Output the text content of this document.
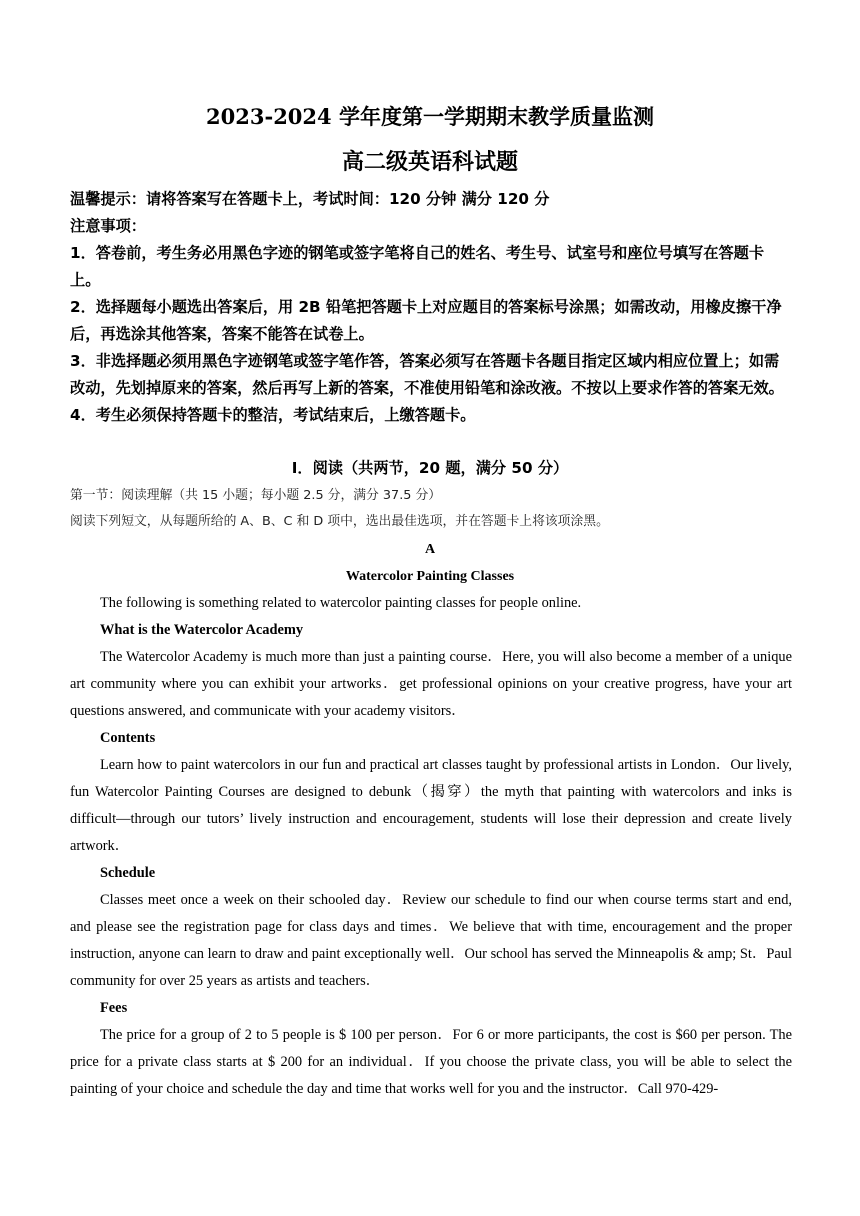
2023-2024 学年度第一学期期末教学质量监测
高二级英语科试题

温馨提示：请将答案写在答题卡上，考试时间：120 分钟 满分 120 分

注意事项：

1．答卷前，考生务必用黑色字迹的钢笔或签字笔将自己的姓名、考生号、试室号和座位号填写在答题卡上。

2．选择题每小题选出答案后，用 2B 铅笔把答题卡上对应题目的答案标号涂黑；如需改动，用橡皮擦干净后，再选涂其他答案，答案不能答在试卷上。

3．非选择题必须用黑色字迹钢笔或签字笔作答，答案必须写在答题卡各题目指定区域内相应位置上；如需改动，先划掉原来的答案，然后再写上新的答案，不准使用铅笔和涂改液。不按以上要求作答的答案无效。

4．考生必须保持答题卡的整洁，考试结束后，上缴答题卡。

Ⅰ．阅读（共两节，20 题，满分 50 分）
第一节：阅读理解（共 15 小题；每小题 2.5 分，满分 37.5 分）
阅读下列短文，从每题所给的 A、B、C 和 D 项中，选出最佳选项，并在答题卡上将该项涂黑。
A
Watercolor Painting Classes

The following is something related to watercolor painting classes for people online.

What is the Watercolor Academy

The Watercolor Academy is much more than just a painting course．Here, you will also become a member of a unique art community where you can exhibit your artworks．get professional opinions on your creative progress, have your art questions answered, and communicate with your academy visitors．

Contents

Learn how to paint watercolors in our fun and practical art classes taught by professional artists in London．Our lively, fun Watercolor Painting Courses are designed to debunk（揭穿）the myth that painting with watercolors and inks is difficult—through our tutors’ lively instruction and encouragement, students will lose their depression and create lively artwork．

Schedule

Classes meet once a week on their schooled day．Review our schedule to find our when course terms start and end, and please see the registration page for class days and times．We believe that with time, encouragement and the proper instruction, anyone can learn to draw and paint exceptionally well．Our school has served the Minneapolis & amp; St．Paul community for over 25 years as artists and teachers．

Fees

The price for a group of 2 to 5 people is $ 100 per person．For 6 or more participants, the cost is $60 per person. The price for a private class starts at $ 200 for an individual．If you choose the private class, you will be able to select the painting of your choice and schedule the day and time that works well for you and the instructor．Call 970-429-
